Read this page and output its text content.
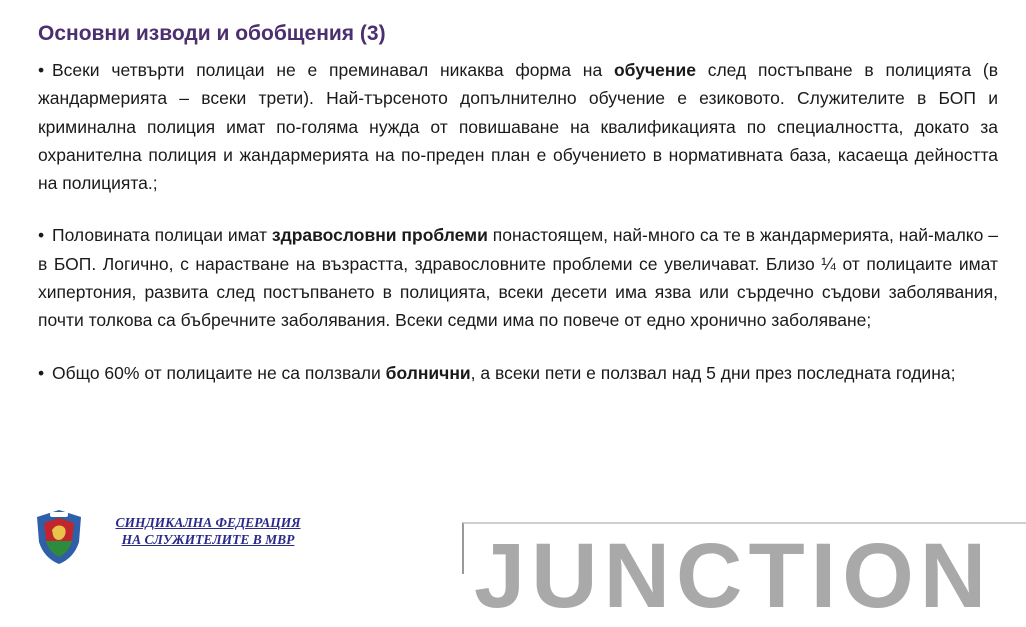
Основни изводи и обобщения (3)

• Всеки четвърти полицаи не е преминавал никаква форма на обучение след постъпване в полицията (в жандармерията – всеки трети). Най-търсеното допълнително обучение е езиковото. Служителите в БОП и криминална полиция имат по-голяма нужда от повишаване на квалификацията по специалността, докато за охранителна полиция и жандармерията на по-преден план е обучението в нормативната база, касаеща дейността на полицията.;

• Половината полицаи имат здравословни проблеми понастоящем, най-много са те в жандармерията, най-малко – в БОП. Логично, с нарастване на възрастта, здравословните проблеми се увеличават. Близо ¼ от полицаите имат хипертония, развита след постъпването в полицията, всеки десети има язва или сърдечно съдови заболявания, почти толкова са бъбречните заболявания. Всеки седми има по повече от едно хронично заболяване;

• Общо 60% от полицаите не са ползвали болнични, а всеки пети е ползвал над 5 дни през последната година;

СИНДИКАЛНА ФЕДЕРАЦИЯ
НА СЛУЖИТЕЛИТЕ В МВР	JUNCTION
